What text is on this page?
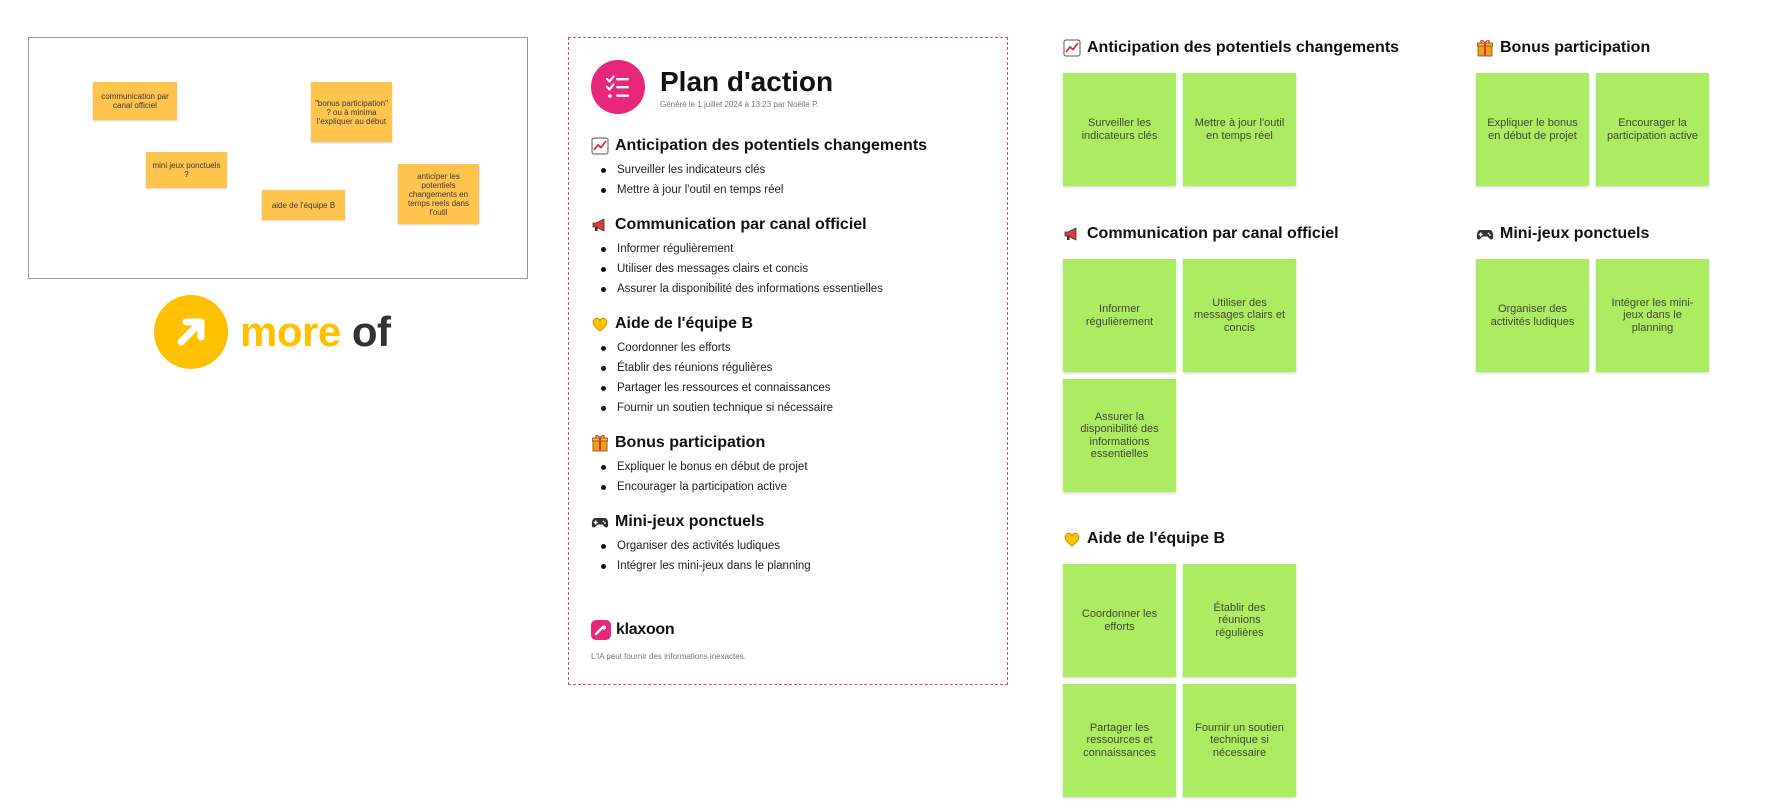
communication par canal officiel	"bonus participation" ? ou à minima l'expliquer au début
mini jeux ponctuels ?
aide de l'équipe B
anticiper les potentiels changements en temps reels dans l'outil
more of
Plan d'action
Généré le 1 juillet 2024 à 13:23 par Noëlle P.
Anticipation des potentiels changements
Surveiller les indicateurs clés
Mettre à jour l'outil en temps réel
Communication par canal officiel
Informer régulièrement
Utiliser des messages clairs et concis
Assurer la disponibilité des informations essentielles
Aide de l'équipe B
Coordonner les efforts
Établir des réunions régulières
Partager les ressources et connaissances
Fournir un soutien technique si nécessaire
Bonus participation
Expliquer le bonus en début de projet
Encourager la participation active
Mini-jeux ponctuels
Organiser des activités ludiques
Intégrer les mini-jeux dans le planning
klaxoon
L'IA peut fournir des informations inexactes.
Anticipation des potentiels changements
Surveiller les indicateurs clés
Mettre à jour l'outil en temps réel
Bonus participation
Expliquer le bonus en début de projet
Encourager la participation active
Communication par canal officiel
Informer régulièrement
Utiliser des messages clairs et concis
Assurer la disponibilité des informations essentielles
Mini-jeux ponctuels
Organiser des activités ludiques
Intégrer les mini-jeux dans le planning
Aide de l'équipe B
Coordonner les efforts
Établir des réunions régulières
Partager les ressources et connaissances
Fournir un soutien technique si nécessaire
